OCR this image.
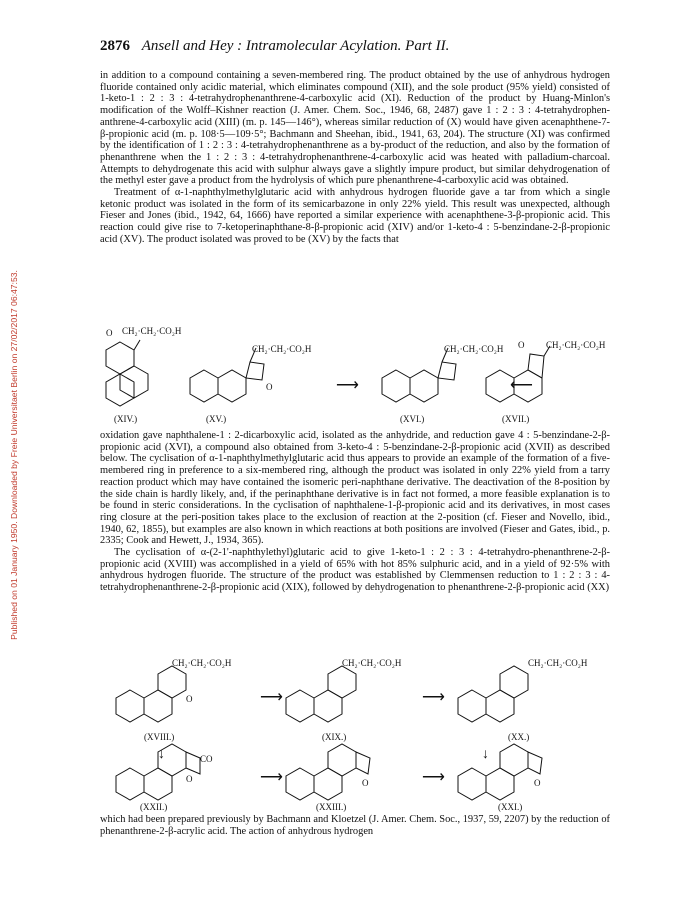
Published on 01 January 1950. Downloaded by Freie Universitaet Berlin on 27/02/2017 06:47:53.
2876 Ansell and Hey : Intramolecular Acylation. Part II.

in addition to a compound containing a seven-membered ring. The product obtained by the use of anhydrous hydrogen fluoride contained only acidic material, which eliminates compound (XII), and the sole product (95% yield) consisted of 1-keto-1 : 2 : 3 : 4-tetrahydrophenanthrene-4-carboxylic acid (XI). Reduction of the product by Huang-Minlon's modification of the Wolff–Kishner reaction (J. Amer. Chem. Soc., 1946, 68, 2487) gave 1 : 2 : 3 : 4-tetrahydrophen-anthrene-4-carboxylic acid (XIII) (m. p. 145—146°), whereas similar reduction of (X) would have given acenaphthene-7-β-propionic acid (m. p. 108·5—109·5°; Bachmann and Sheehan, ibid., 1941, 63, 204). The structure (XI) was confirmed by the identification of 1 : 2 : 3 : 4-tetrahydrophenanthrene as a by-product of the reduction, and also by the formation of phenanthrene when the 1 : 2 : 3 : 4-tetrahydrophenanthrene-4-carboxylic acid was heated with palladium-charcoal. Attempts to dehydrogenate this acid with sulphur always gave a slightly impure product, but similar dehydrogenation of the methyl ester gave a product from the hydrolysis of which pure phenanthrene-4-carboxylic acid was obtained.

Treatment of α-1-naphthylmethylglutaric acid with anhydrous hydrogen fluoride gave a tar from which a single ketonic product was isolated in the form of its semicarbazone in only 22% yield. This result was unexpected, although Fieser and Jones (ibid., 1942, 64, 1666) have reported a similar experience with acenaphthene-3-β-propionic acid. This reaction could give rise to 7-ketoperinaphthane-8-β-propionic acid (XIV) and/or 1-keto-4 : 5-benzindane-2-β-propionic acid (XV). The product isolated was proved to be (XV) by the facts that

O CH₂·CH₂·CO₂H
(XIV.)
CH₂·CH₂·CO₂H
O
(XV.)
⟶
CH₂·CH₂·CO₂H
(XVI.)
⟵
O CH₂·CH₂·CO₂H
(XVII.)

oxidation gave naphthalene-1 : 2-dicarboxylic acid, isolated as the anhydride, and reduction gave 4 : 5-benzindane-2-β-propionic acid (XVI), a compound also obtained from 3-keto-4 : 5-benzindane-2-β-propionic acid (XVII) as described below. The cyclisation of α-1-naphthylmethylglutaric acid thus appears to provide an example of the formation of a five-membered ring in preference to a six-membered ring, although the product was isolated in only 22% yield from a tarry reaction product which may have contained the isomeric peri-naphthane derivative. The deactivation of the 8-position by the side chain is hardly likely, and, if the perinaphthane derivative is in fact not formed, a more feasible explanation is to be found in steric considerations. In the cyclisation of naphthalene-1-β-propionic acid and its derivatives, in most cases ring closure at the peri-position takes place to the exclusion of reaction at the 2-position (cf. Fieser and Novello, ibid., 1940, 62, 1855), but examples are also known in which reactions at both positions are involved (Fieser and Gates, ibid., p. 2335; Cook and Hewett, J., 1934, 365).

The cyclisation of α-(2-1'-naphthylethyl)glutaric acid to give 1-keto-1 : 2 : 3 : 4-tetrahydro-phenanthrene-2-β-propionic acid (XVIII) was accomplished in a yield of 65% with hot 85% sulphuric acid, and in a yield of 92·5% with anhydrous hydrogen fluoride. The structure of the product was established by Clemmensen reduction to 1 : 2 : 3 : 4-tetrahydrophenanthrene-2-β-propionic acid (XIX), followed by dehydrogenation to phenanthrene-2-β-propionic acid (XX)

CH₂·CH₂·CO₂H
O
(XVIII.)
⟶
CH₂·CH₂·CO₂H
(XIX.)
⟶
CH₂·CH₂·CO₂H
(XX.)
↓	↓
CO
O
(XXII.)
⟶	O
(XXIII.)
⟶	O
(XXI.)

which had been prepared previously by Bachmann and Kloetzel (J. Amer. Chem. Soc., 1937, 59, 2207) by the reduction of phenanthrene-2-β-acrylic acid. The action of anhydrous hydrogen
